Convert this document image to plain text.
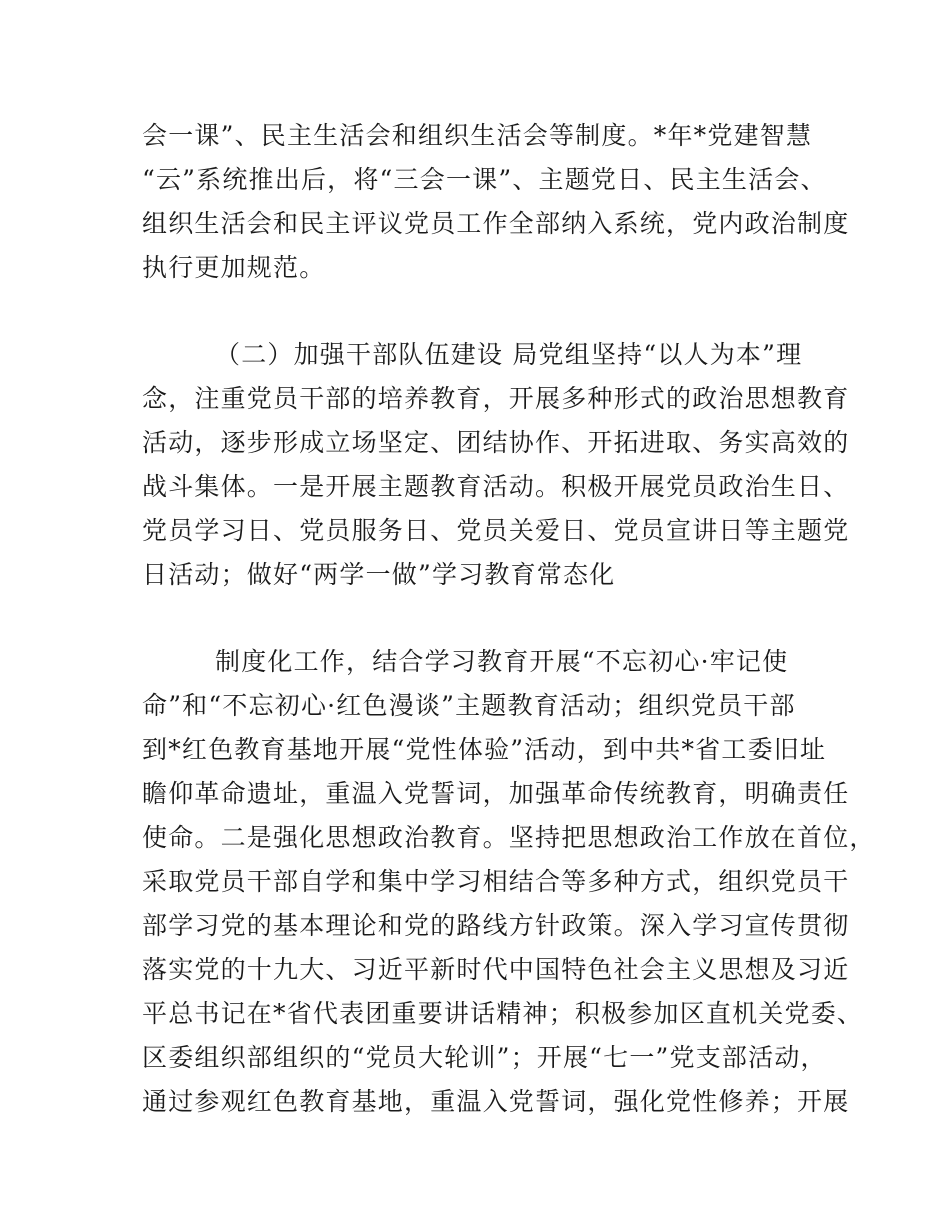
会一课”、民主生活会和组织生活会等制度。*年*党建智慧
“云”系统推出后，将“三会一课”、主题党日、民主生活会、
组织生活会和民主评议党员工作全部纳入系统，党内政治制度
执行更加规范。
（二）加强干部队伍建设 局党组坚持“以人为本”理
念，注重党员干部的培养教育，开展多种形式的政治思想教育
活动，逐步形成立场坚定、团结协作、开拓进取、务实高效的
战斗集体。一是开展主题教育活动。积极开展党员政治生日、
党员学习日、党员服务日、党员关爱日、党员宣讲日等主题党
日活动；做好“两学一做”学习教育常态化
制度化工作，结合学习教育开展“不忘初心·牢记使
命”和“不忘初心·红色漫谈”主题教育活动；组织党员干部
到*红色教育基地开展“党性体验”活动，到中共*省工委旧址
瞻仰革命遗址，重温入党誓词，加强革命传统教育，明确责任
使命。二是强化思想政治教育。坚持把思想政治工作放在首位，
采取党员干部自学和集中学习相结合等多种方式，组织党员干
部学习党的基本理论和党的路线方针政策。深入学习宣传贯彻
落实党的十九大、习近平新时代中国特色社会主义思想及习近
平总书记在*省代表团重要讲话精神；积极参加区直机关党委、
区委组织部组织的“党员大轮训”；开展“七一”党支部活动，
通过参观红色教育基地，重温入党誓词，强化党性修养；开展
